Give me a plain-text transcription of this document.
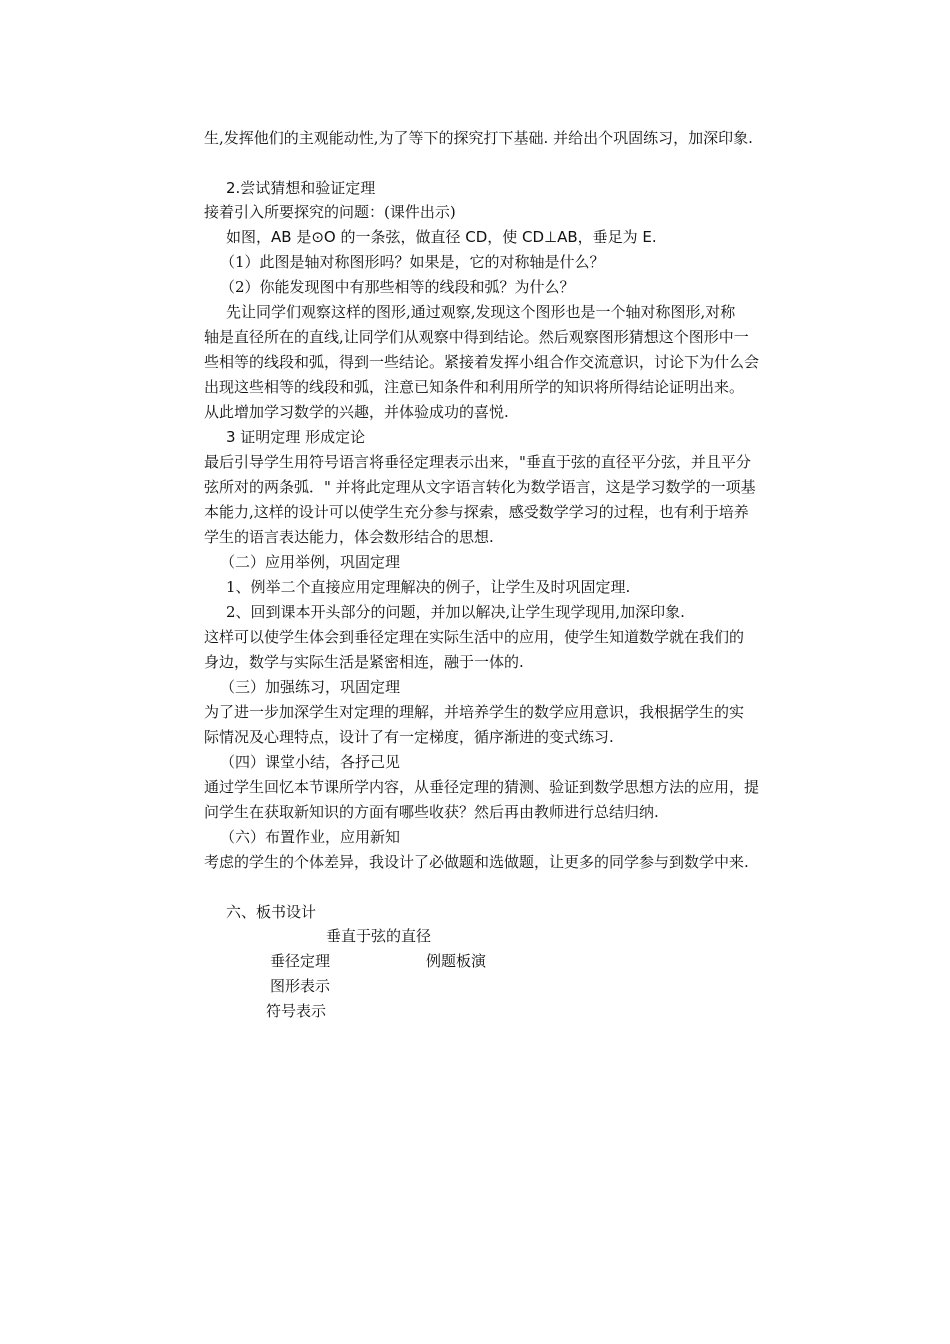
生,发挥他们的主观能动性,为了等下的探究打下基础. 并给出个巩固练习，加深印象.
2.尝试猜想和验证定理
接着引入所要探究的问题：(课件出示)
如图，AB 是⊙O 的一条弦，做直径 CD，使 CD⊥AB，垂足为 E.
（1）此图是轴对称图形吗？如果是，它的对称轴是什么？
（2）你能发现图中有那些相等的线段和弧？为什么？
先让同学们观察这样的图形,通过观察,发现这个图形也是一个轴对称图形,对称
轴是直径所在的直线,让同学们从观察中得到结论。然后观察图形猜想这个图形中一
些相等的线段和弧，得到一些结论。紧接着发挥小组合作交流意识，讨论下为什么会
出现这些相等的线段和弧，注意已知条件和利用所学的知识将所得结论证明出来。
从此增加学习数学的兴趣，并体验成功的喜悦.
3 证明定理 形成定论
最后引导学生用符号语言将垂径定理表示出来，"垂直于弦的直径平分弦，并且平分
弦所对的两条弧．" 并将此定理从文字语言转化为数学语言，这是学习数学的一项基
本能力,这样的设计可以使学生充分参与探索，感受数学学习的过程，也有利于培养
学生的语言表达能力，体会数形结合的思想.
（二）应用举例，巩固定理
1、例举二个直接应用定理解决的例子，让学生及时巩固定理.
2、回到课本开头部分的问题，并加以解决,让学生现学现用,加深印象.
这样可以使学生体会到垂径定理在实际生活中的应用，使学生知道数学就在我们的
身边，数学与实际生活是紧密相连，融于一体的.
（三）加强练习，巩固定理
为了进一步加深学生对定理的理解，并培养学生的数学应用意识，我根据学生的实
际情况及心理特点，设计了有一定梯度，循序渐进的变式练习.
（四）课堂小结，各抒己见
通过学生回忆本节课所学内容，从垂径定理的猜测、验证到数学思想方法的应用，提
问学生在获取新知识的方面有哪些收获？然后再由教师进行总结归纳.
（六）布置作业，应用新知
考虑的学生的个体差异，我设计了必做题和选做题，让更多的同学参与到数学中来.
六、板书设计
垂直于弦的直径
垂径定理	例题板演
图形表示
符号表示
